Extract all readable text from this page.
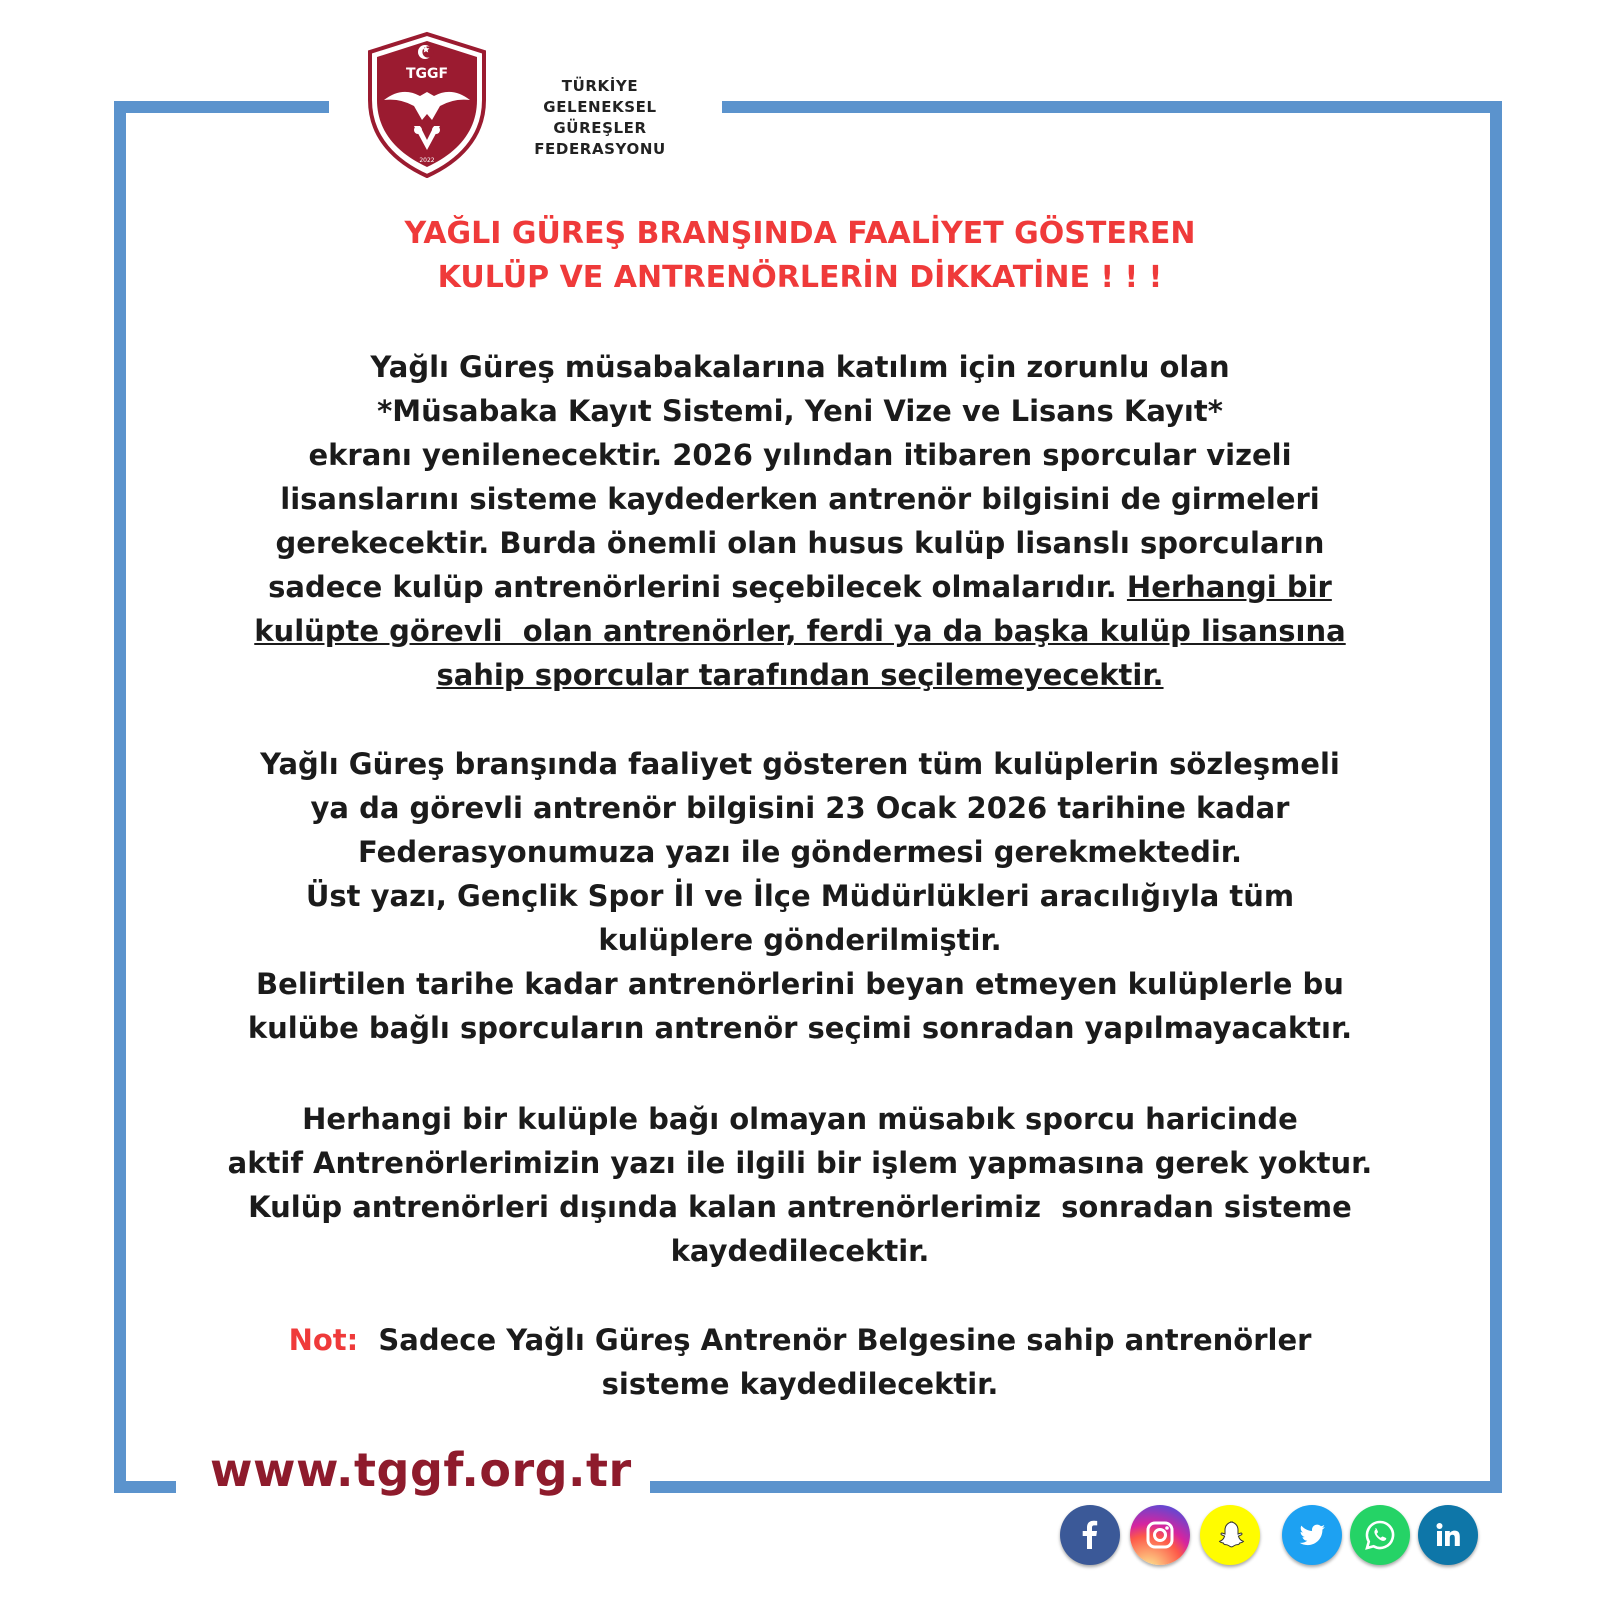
TGGF
2022
TÜRKİYE
GELENEKSEL GÜREŞLER
FEDERASYONU
YAĞLI GÜREŞ BRANŞINDA FAALİYET GÖSTEREN
KULÜP VE ANTRENÖRLERİN DİKKATİNE ! ! !
Yağlı Güreş müsabakalarına katılım için zorunlu olan
*Müsabaka Kayıt Sistemi, Yeni Vize ve Lisans Kayıt*
ekranı yenilenecektir. 2026 yılından itibaren sporcular vizeli
lisanslarını sisteme kaydederken antrenör bilgisini de girmeleri
gerekecektir. Burda önemli olan husus kulüp lisanslı sporcuların
sadece kulüp antrenörlerini seçebilecek olmalarıdır. Herhangi bir
kulüpte görevli  olan antrenörler, ferdi ya da başka kulüp lisansına
sahip sporcular tarafından seçilemeyecektir.
Yağlı Güreş branşında faaliyet gösteren tüm kulüplerin sözleşmeli
ya da görevli antrenör bilgisini 23 Ocak 2026 tarihine kadar
Federasyonumuza yazı ile göndermesi gerekmektedir.
Üst yazı, Gençlik Spor İl ve İlçe Müdürlükleri aracılığıyla tüm
kulüplere gönderilmiştir.
Belirtilen tarihe kadar antrenörlerini beyan etmeyen kulüplerle bu
kulübe bağlı sporcuların antrenör seçimi sonradan yapılmayacaktır.
Herhangi bir kulüple bağı olmayan müsabık sporcu haricinde
aktif Antrenörlerimizin yazı ile ilgili bir işlem yapmasına gerek yoktur.
Kulüp antrenörleri dışında kalan antrenörlerimiz  sonradan sisteme
kaydedilecektir.
Not:  Sadece Yağlı Güreş Antrenör Belgesine sahip antrenörler
sisteme kaydedilecektir.
www.tggf.org.tr
